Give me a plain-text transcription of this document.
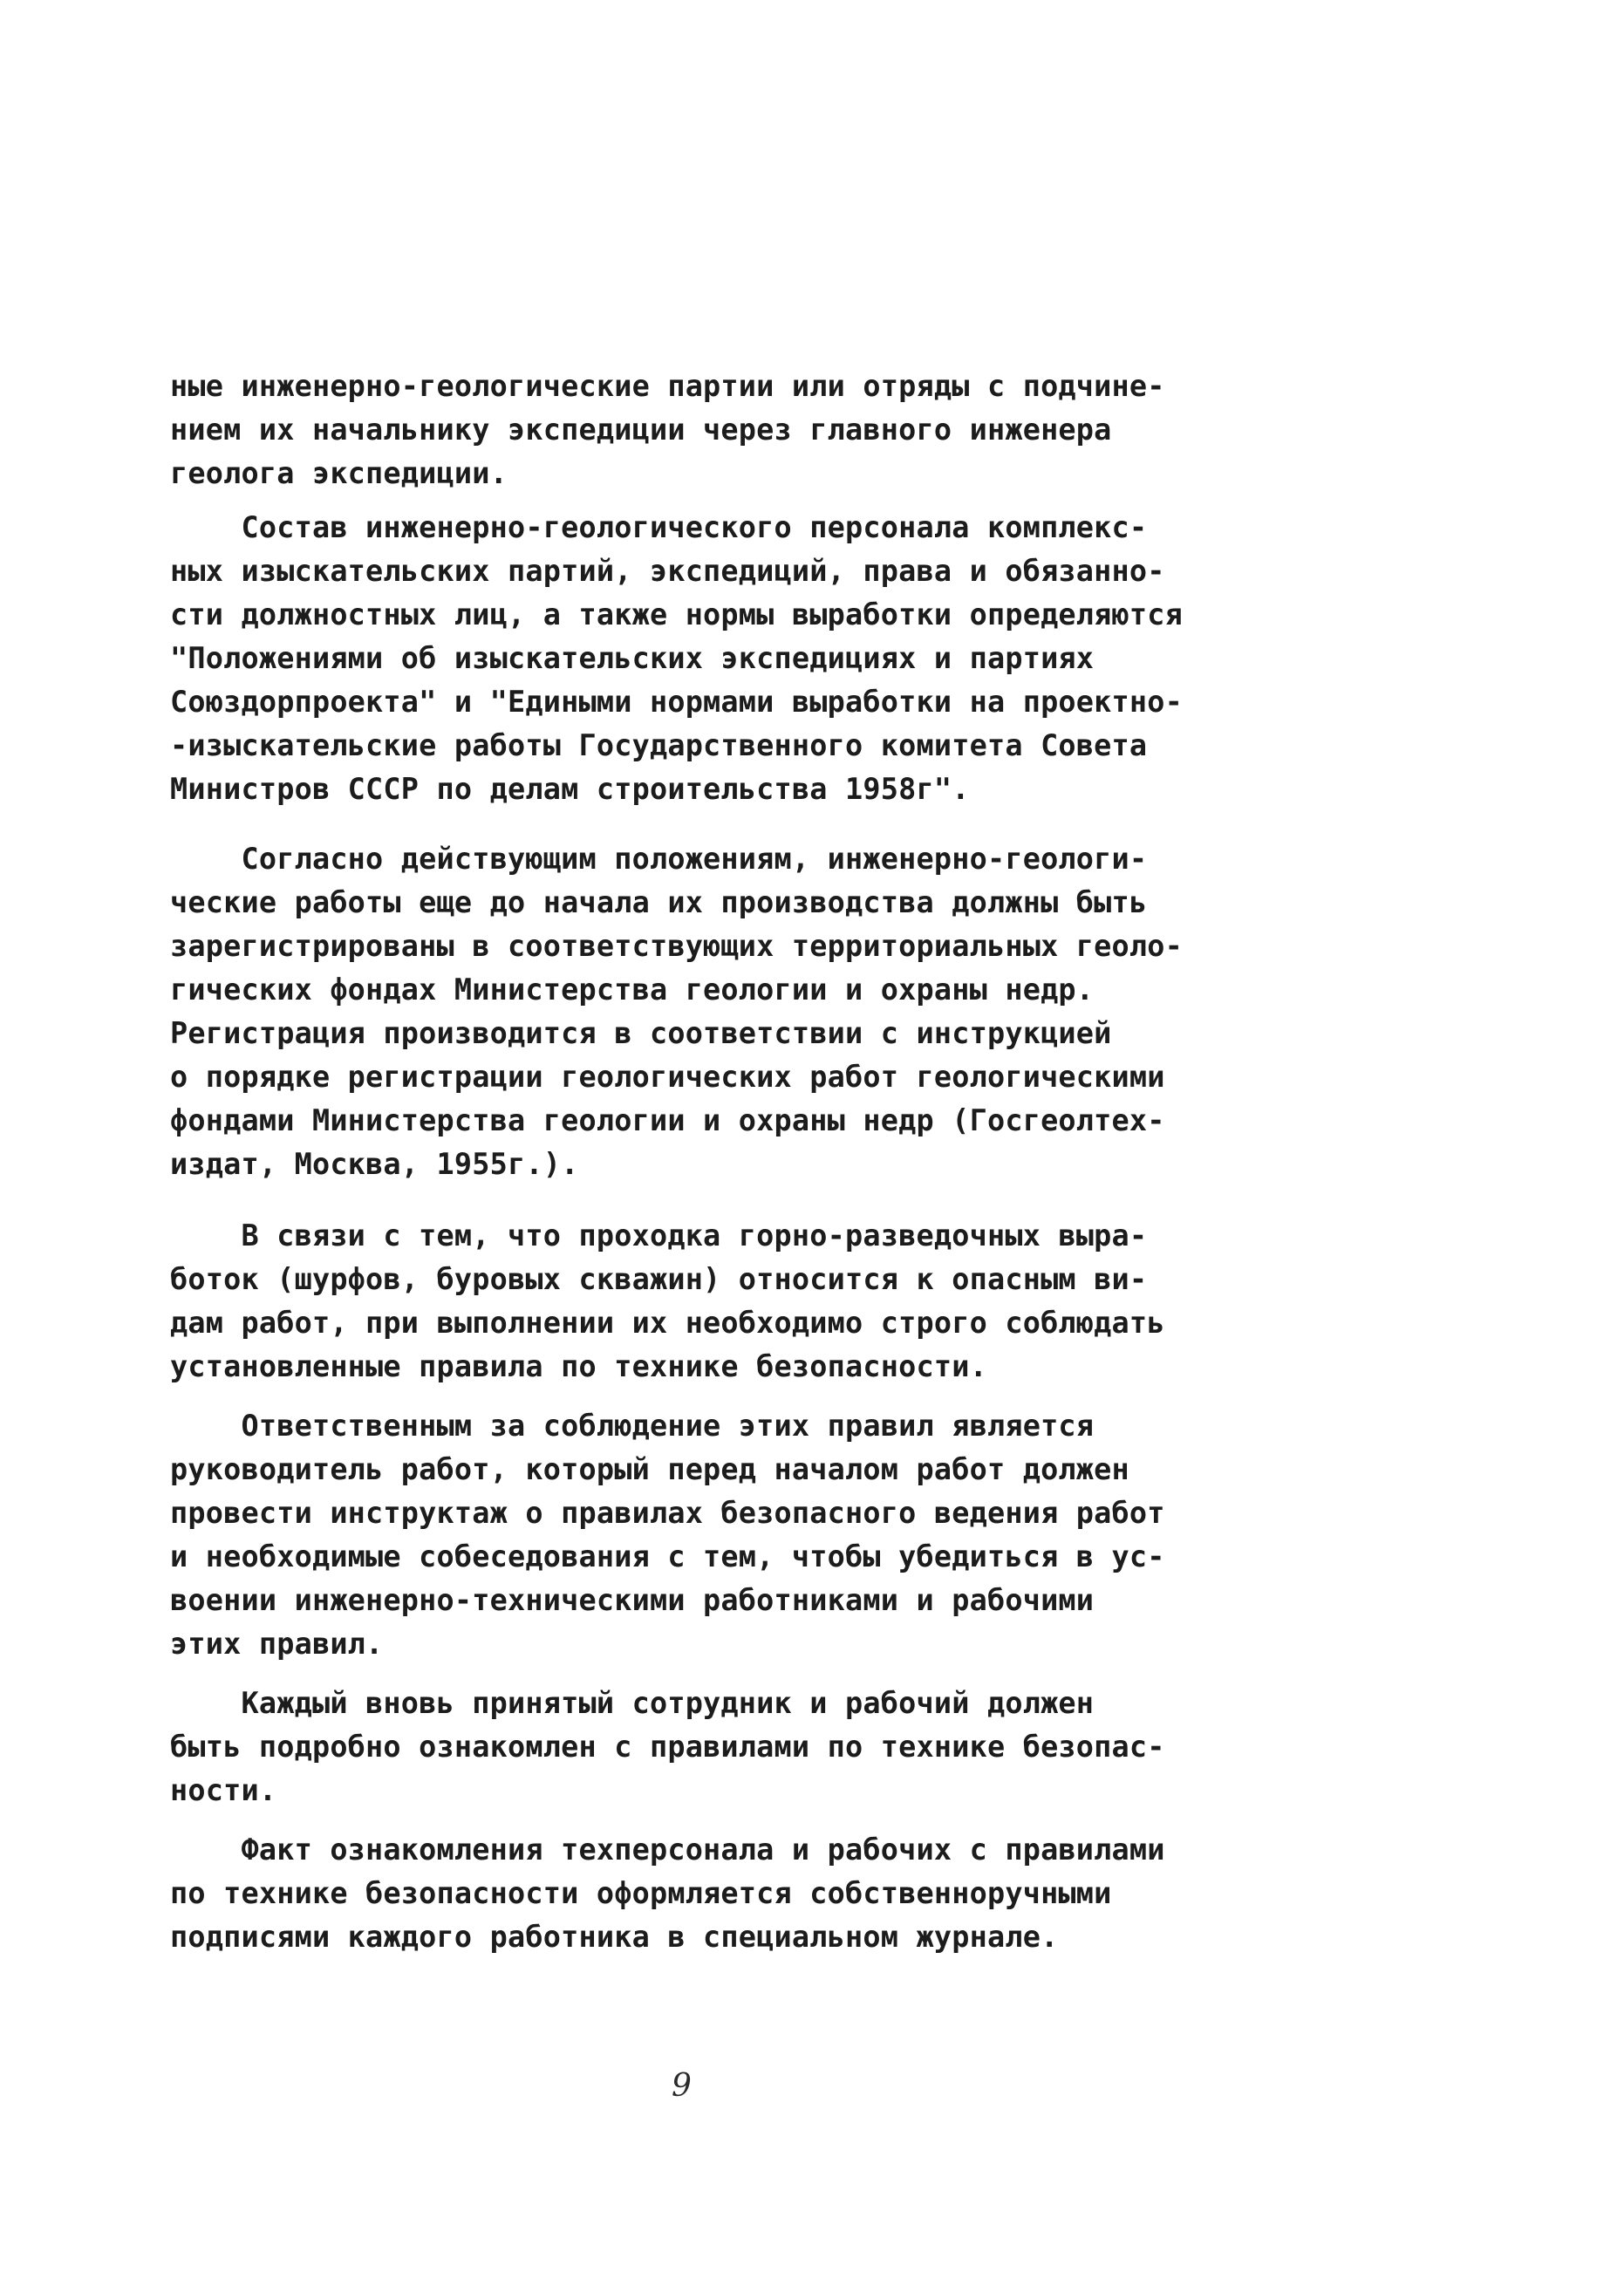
ные инженерно-геологические партии или отряды с подчине-
нием их начальнику экспедиции через главного инженера
геолога экспедиции.
Состав инженерно-геологического персонала комплекс-
ных изыскательских партий, экспедиций, права и обязанно-
сти должностных лиц, а также нормы выработки определяются
"Положениями об изыскательских экспедициях и партиях
Союздорпроекта" и "Едиными нормами выработки на проектно-
-изыскательские работы Государственного комитета Совета
Министров СССР по делам строительства 1958г".
Согласно действующим положениям, инженерно-геологи-
ческие работы еще до начала их производства должны быть
зарегистрированы в соответствующих территориальных геоло-
гических фондах Министерства геологии и охраны недр.
Регистрация производится в соответствии с инструкцией
о порядке регистрации геологических работ геологическими
фондами Министерства геологии и охраны недр (Госгеолтех-
издат, Москва, 1955г.).
В связи с тем, что проходка горно-разведочных выра-
боток (шурфов, буровых скважин) относится к опасным ви-
дам работ, при выполнении их необходимо строго соблюдать
установленные правила по технике безопасности.
Ответственным за соблюдение этих правил является
руководитель работ, который перед началом работ должен
провести инструктаж о правилах безопасного ведения работ
и необходимые собеседования с тем, чтобы убедиться в ус-
воении инженерно-техническими работниками и рабочими
этих правил.
Каждый вновь принятый сотрудник и рабочий должен
быть подробно ознакомлен с правилами по технике безопас-
ности.
Факт ознакомления техперсонала и рабочих с правилами
по технике безопасности оформляется собственноручными
подписями каждого работника в специальном журнале.
9
